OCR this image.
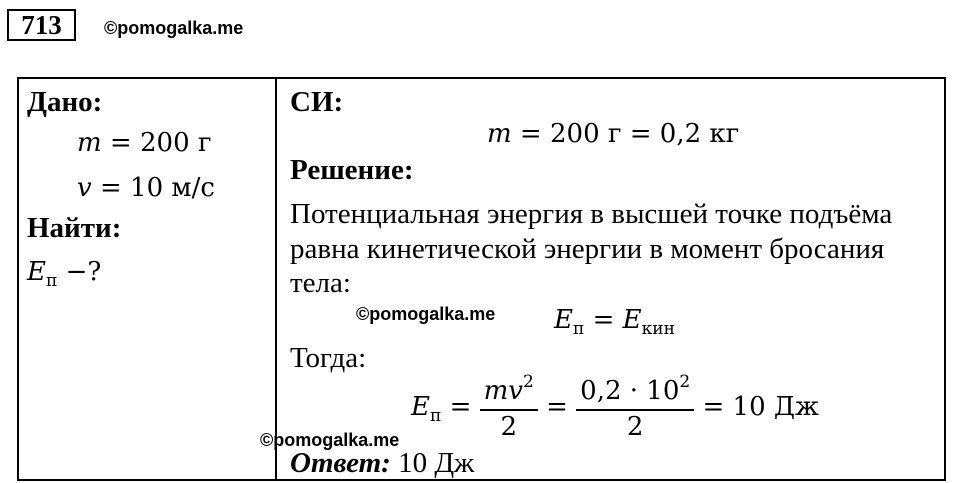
713	©pomogalka.me
Дано:
m = 200 г
v = 10 м/с
Найти:
$E_п$ −?
СИ:
m = 200 г = 0,2 кг
Решение:
Потенциальная энергия в высшей точке подъёма
равна кинетической энергии в момент бросания
тела:
©pomogalka.me $E_п = E_{кин}$
Тогда:
$E_п = \frac{mv^2}{2} = \frac{0,2 \cdot 10^2}{2} = 10$ Дж
©pomogalka.me
Ответ: 10 Дж
